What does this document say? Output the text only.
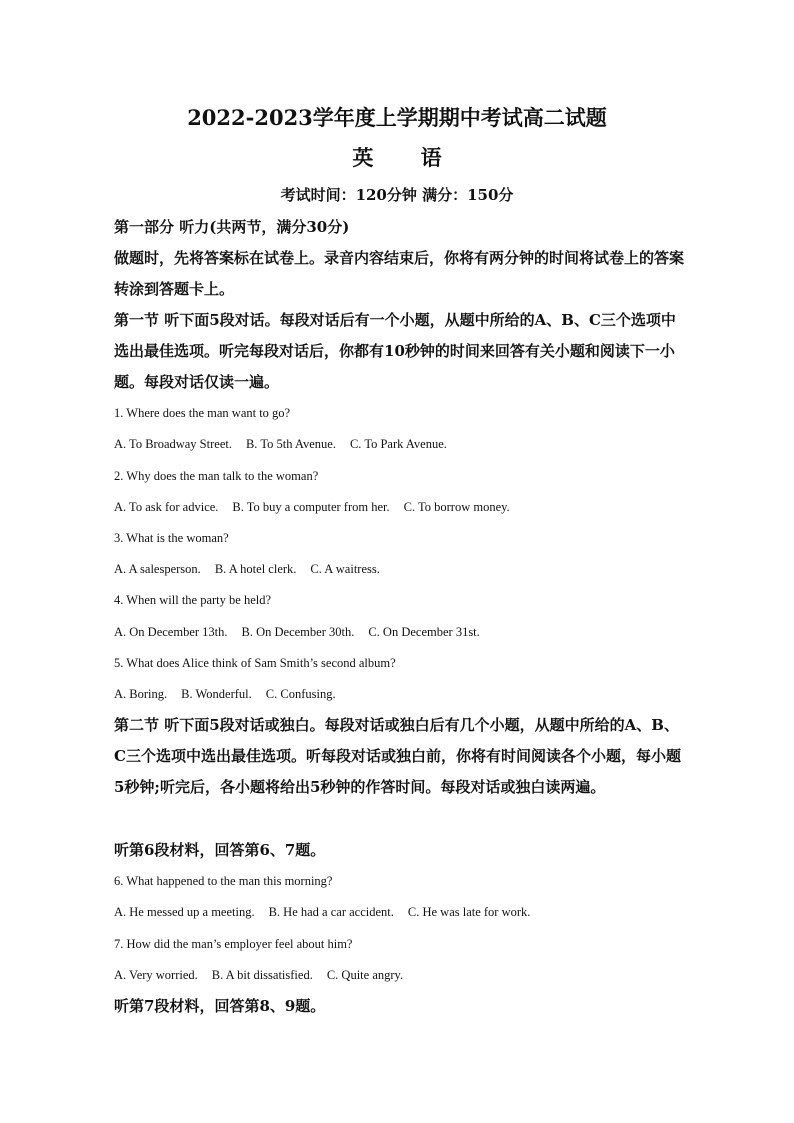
2022-2023学年度上学期期中考试高二试题
英 语
考试时间：120分钟 满分：150分
第一部分 听力(共两节，满分30分)
做题时，先将答案标在试卷上。录音内容结束后，你将有两分钟的时间将试卷上的答案转涂到答题卡上。
第一节 听下面5段对话。每段对话后有一个小题，从题中所给的A、B、C三个选项中选出最佳选项。听完每段对话后，你都有10秒钟的时间来回答有关小题和阅读下一小题。每段对话仅读一遍。
1. Where does the man want to go?
A. To Broadway Street. B. To 5th Avenue. C. To Park Avenue.
2. Why does the man talk to the woman?
A. To ask for advice. B. To buy a computer from her. C. To borrow money.
3. What is the woman?
A. A salesperson. B. A hotel clerk. C. A waitress.
4. When will the party be held?
A. On December 13th. B. On December 30th. C. On December 31st.
5. What does Alice think of Sam Smith’s second album?
A. Boring. B. Wonderful. C. Confusing.
第二节 听下面5段对话或独白。每段对话或独白后有几个小题，从题中所给的A、B、C三个选项中选出最佳选项。听每段对话或独白前，你将有时间阅读各个小题，每小题5秒钟;听完后，各小题将给出5秒钟的作答时间。每段对话或独白读两遍。
听第6段材料，回答第6、7题。
6. What happened to the man this morning?
A. He messed up a meeting. B. He had a car accident. C. He was late for work.
7. How did the man’s employer feel about him?
A. Very worried. B. A bit dissatisfied. C. Quite angry.
听第7段材料，回答第8、9题。
